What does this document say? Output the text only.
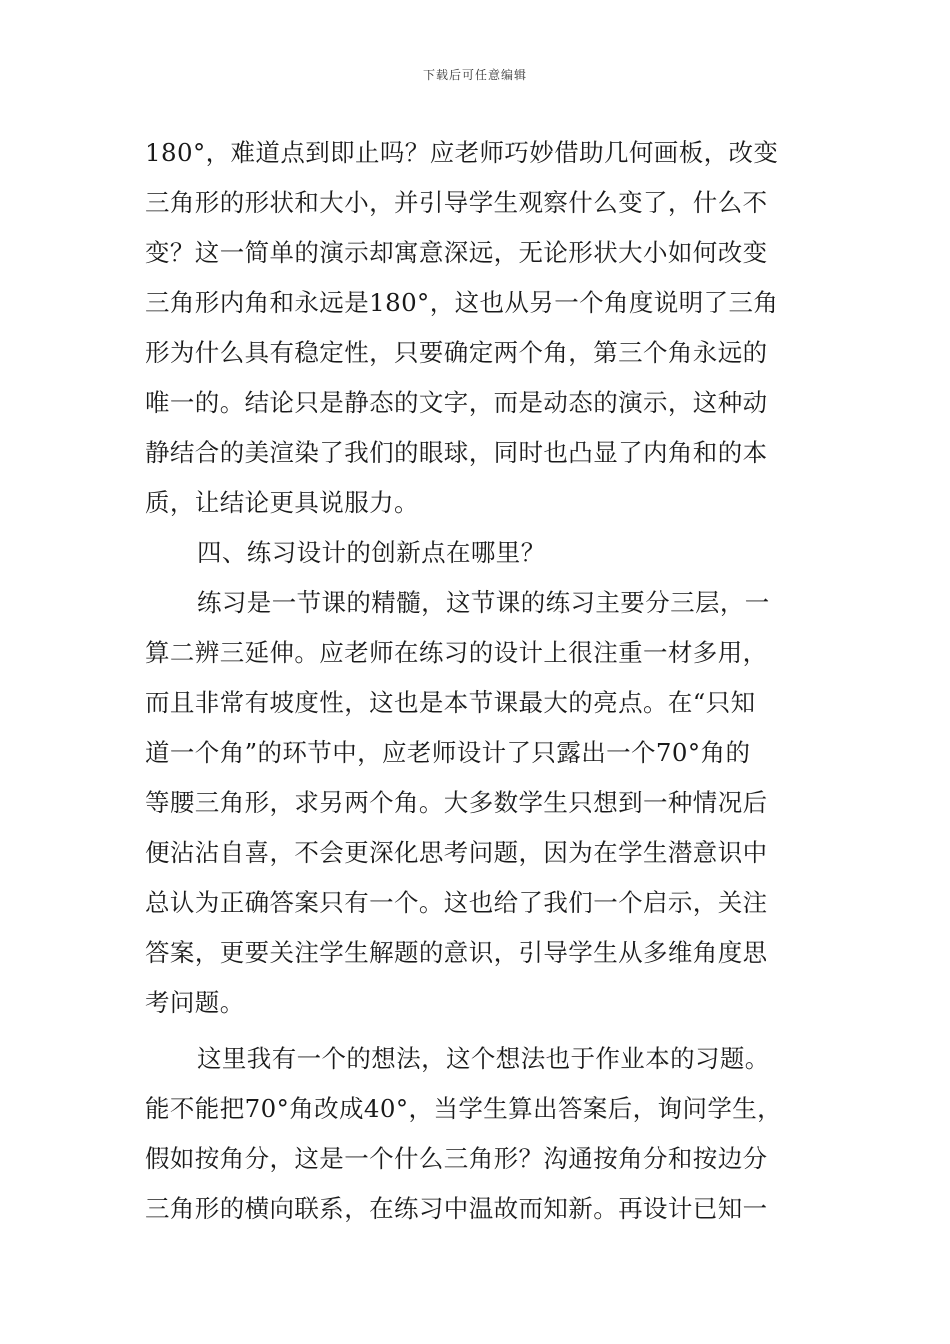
下载后可任意编辑
180°，难道点到即止吗？应老师巧妙借助几何画板，改变
三角形的形状和大小，并引导学生观察什么变了，什么不
变？这一简单的演示却寓意深远，无论形状大小如何改变
三角形内角和永远是180°，这也从另一个角度说明了三角
形为什么具有稳定性，只要确定两个角，第三个角永远的
唯一的。结论只是静态的文字，而是动态的演示，这种动
静结合的美渲染了我们的眼球，同时也凸显了内角和的本
质，让结论更具说服力。
四、练习设计的创新点在哪里？
练习是一节课的精髓，这节课的练习主要分三层，一
算二辨三延伸。应老师在练习的设计上很注重一材多用，
而且非常有坡度性，这也是本节课最大的亮点。在“只知
道一个角”的环节中，应老师设计了只露出一个70°角的
等腰三角形，求另两个角。大多数学生只想到一种情况后
便沾沾自喜，不会更深化思考问题，因为在学生潜意识中
总认为正确答案只有一个。这也给了我们一个启示，关注
答案，更要关注学生解题的意识，引导学生从多维角度思
考问题。
这里我有一个的想法，这个想法也于作业本的习题。
能不能把70°角改成40°，当学生算出答案后，询问学生，
假如按角分，这是一个什么三角形？沟通按角分和按边分
三角形的横向联系，在练习中温故而知新。再设计已知一
